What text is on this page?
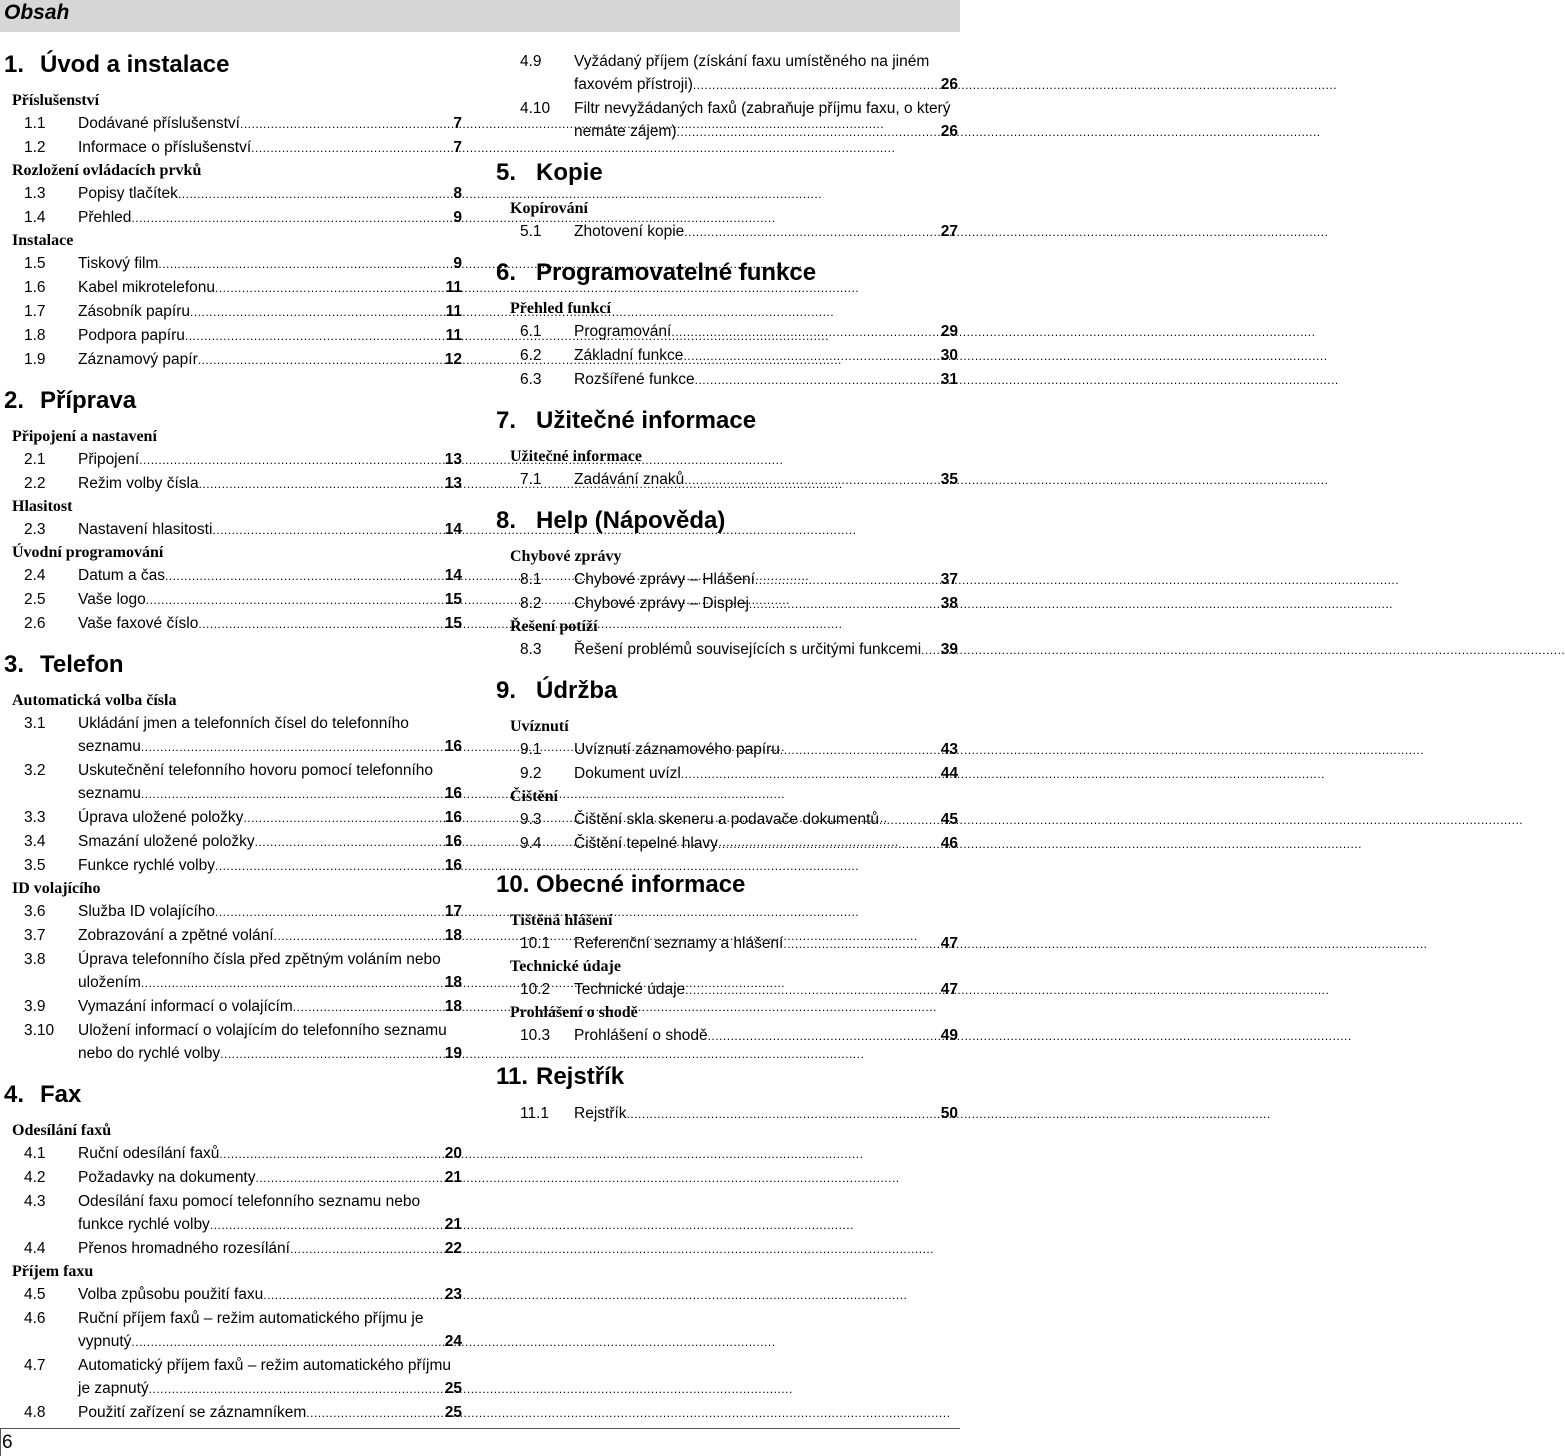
Obsah
1. Úvod a instalace
Příslušenství
1.1 Dodávané příslušenství .....	7
1.2 Informace o příslušenství .....	7
Rozložení ovládacích prvků
1.3 Popisy tlačítek .....	8
1.4 Přehled .....	9
Instalace
1.5 Tiskový film .....	9
1.6 Kabel mikrotelefonu .....	11
1.7 Zásobník papíru .....	11
1.8 Podpora papíru .....	11
1.9 Záznamový papír .....	12
2. Příprava
Připojení a nastavení
2.1 Připojení .....	13
2.2 Režim volby čísla .....	13
Hlasitost
2.3 Nastavení hlasitosti .....	14
Úvodní programování
2.4 Datum a čas .....	14
2.5 Vaše logo .....	15
2.6 Vaše faxové číslo .....	15
3. Telefon
Automatická volba čísla
3.1 Ukládání jmen a telefonních čísel do telefonního
seznamu .....	16
3.2 Uskutečnění telefonního hovoru pomocí telefonního
seznamu .....	16
3.3 Úprava uložené položky .....	16
3.4 Smazání uložené položky .....	16
3.5 Funkce rychlé volby .....	16
ID volajícího
3.6 Služba ID volajícího .....	17
3.7 Zobrazování a zpětné volání .....	18
3.8 Úprava telefonního čísla před zpětným voláním nebo
uložením .....	18
3.9 Vymazání informací o volajícím .....	18
3.10 Uložení informací o volajícím do telefonního seznamu
nebo do rychlé volby .....	19
4. Fax
Odesílání faxů
4.1 Ruční odesílání faxů .....	20
4.2 Požadavky na dokumenty .....	21
4.3 Odesílání faxu pomocí telefonního seznamu nebo
funkce rychlé volby .....	21
4.4 Přenos hromadného rozesílání .....	22
Příjem faxu
4.5 Volba způsobu použití faxu .....	23
4.6 Ruční příjem faxů – režim automatického příjmu je
vypnutý .....	24
4.7 Automatický příjem faxů – režim automatického příjmu
je zapnutý .....	25
4.8 Použití zařízení se záznamníkem .....	25
4.9 Vyžádaný příjem (získání faxu umístěného na jiném
faxovém přístroji) .....	26
4.10 Filtr nevyžádaných faxů (zabraňuje příjmu faxu, o který
nemáte zájem) .....	26
5. Kopie
Kopírování
5.1 Zhotovení kopie .....	27
6. Programovatelné funkce
Přehled funkcí
6.1 Programování .....	29
6.2 Základní funkce .....	30
6.3 Rozšířené funkce .....	31
7. Užitečné informace
Užitečné informace
7.1 Zadávání znaků .....	35
8. Help (Nápověda)
Chybové zprávy
8.1 Chybové zprávy – Hlášení .....	37
8.2 Chybové zprávy – Displej .....	38
Řešení potíží
8.3 Řešení problémů souvisejících s určitými funkcemi ..... 39
9. Údržba
Uvíznutí
9.1 Uvíznutí záznamového papíru .....	43
9.2 Dokument uvízl .....	44
Čištění
9.3 Čištění skla skeneru a podavače dokumentů .....	45
9.4 Čištění tepelné hlavy .....	46
10. Obecné informace
Tištěná hlášení
10.1 Referenční seznamy a hlášení .....	47
Technické údaje
10.2 Technické údaje .....	47
Prohlášení o shodě
10.3 Prohlášení o shodě .....	49
11. Rejstřík
11.1 Rejstřík .....	50
6
